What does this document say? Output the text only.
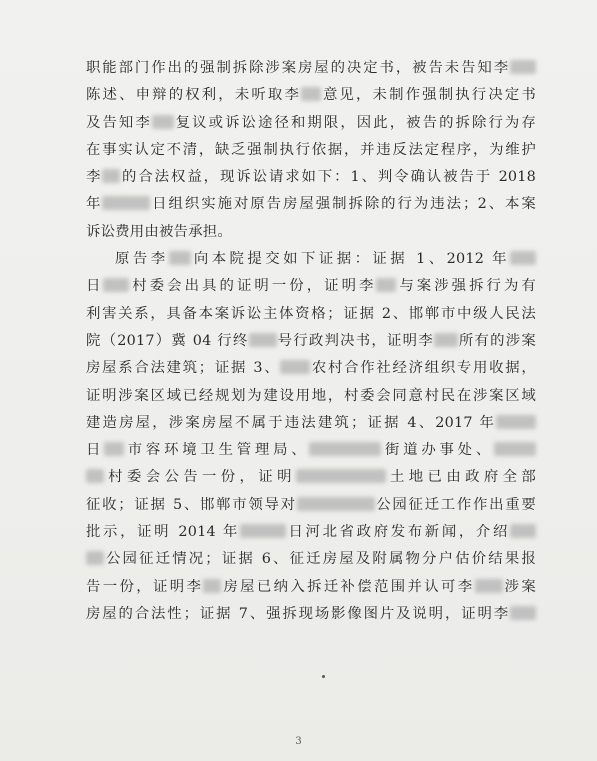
职能部门作出的强制拆除涉案房屋的决定书，被告未告知李
陈述、申辩的权利，未听取李 意见，未制作强制执行决定书
及告知李 复议或诉讼途径和期限，因此，被告的拆除行为存
在事实认定不清，缺乏强制执行依据，并违反法定程序，为维护
李 的合法权益，现诉讼请求如下：1、判令确认被告于 2018
年	日组织实施对原告房屋强制拆除的行为违法；2、本案
诉讼费用由被告承担。
原告李 向本院提交如下证据：证据 1、2012 年
日 村委会出具的证明一份，证明李 与案涉强拆行为有
利害关系，具备本案诉讼主体资格；证据 2、邯郸市中级人民法
院（2017）冀 04 行终 号行政判决书，证明李 所有的涉案
房屋系合法建筑；证据 3、 农村合作社经济组织专用收据，
证明涉案区域已经规划为建设用地，村委会同意村民在涉案区域
建造房屋，涉案房屋不属于违法建筑；证据 4、2017 年
日 市容环境卫生管理局、	街道办事处、
村委会公告一份，证明	土地已由政府全部
征收；证据 5、邯郸市领导对	公园征迁工作作出重要
批示，证明 2014 年	日河北省政府发布新闻，介绍
公园征迁情况；证据 6、征迁房屋及附属物分户估价结果报
告一份，证明李 房屋已纳入拆迁补偿范围并认可李 涉案
房屋的合法性；证据 7、强拆现场影像图片及说明，证明李
3
